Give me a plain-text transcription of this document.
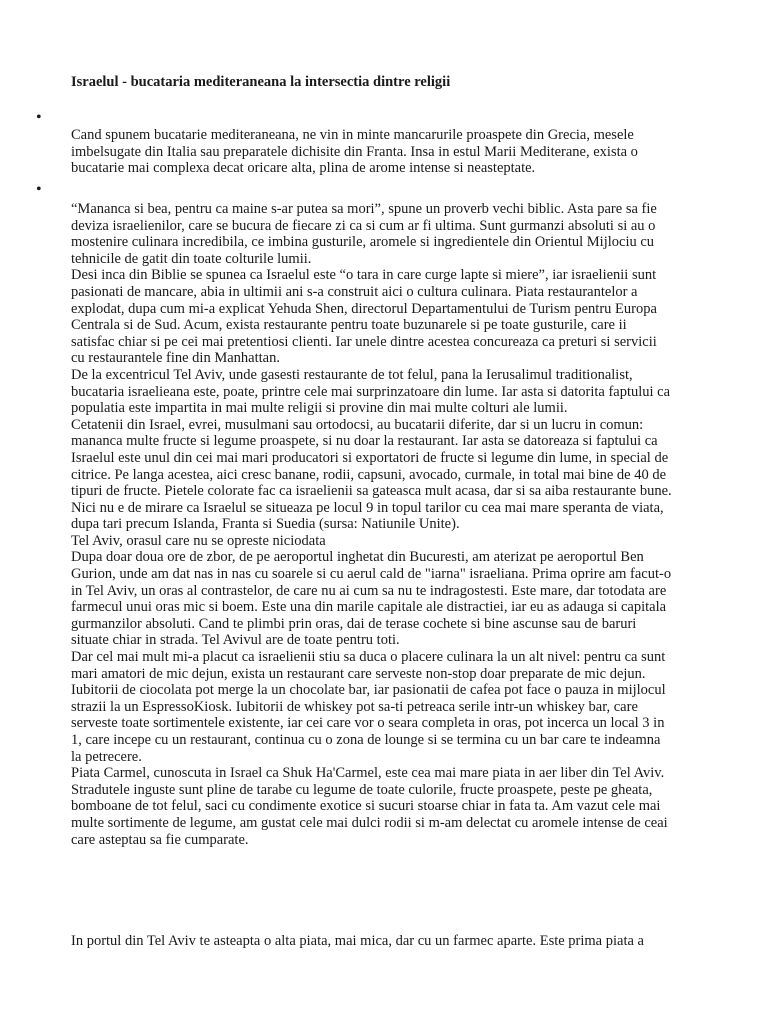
Israelul - bucataria mediteraneana la intersectia dintre religii
•

Cand spunem bucatarie mediteraneana, ne vin in minte mancarurile proaspete din Grecia, mesele

imbelsugate din Italia sau preparatele dichisite din Franta. Insa in estul Marii Mediterane, exista o

bucatarie mai complexa decat oricare alta, plina de arome intense si neasteptate.

•

“Mananca si bea, pentru ca maine s-ar putea sa mori”, spune un proverb vechi biblic. Asta pare sa fie

deviza israelienilor, care se bucura de fiecare zi ca si cum ar fi ultima. Sunt gurmanzi absoluti si au o

mostenire culinara incredibila, ce imbina gusturile, aromele si ingredientele din Orientul Mijlociu cu

tehnicile de gatit din toate colturile lumii.

Desi inca din Biblie se spunea ca Israelul este “o tara in care curge lapte si miere”, iar israelienii sunt

pasionati de mancare, abia in ultimii ani s-a construit aici o cultura culinara. Piata restaurantelor a

explodat, dupa cum mi-a explicat Yehuda Shen, directorul Departamentului de Turism pentru Europa

Centrala si de Sud. Acum, exista restaurante pentru toate buzunarele si pe toate gusturile, care ii

satisfac chiar si pe cei mai pretentiosi clienti. Iar unele dintre acestea concureaza ca preturi si servicii

cu restaurantele fine din Manhattan.

De la excentricul Tel Aviv, unde gasesti restaurante de tot felul, pana la Ierusalimul traditionalist,

bucataria israelieana este, poate, printre cele mai surprinzatoare din lume. Iar asta si datorita faptului ca

populatia este impartita in mai multe religii si provine din mai multe colturi ale lumii.

Cetatenii din Israel, evrei, musulmani sau ortodocsi, au bucatarii diferite, dar si un lucru in comun:

mananca multe fructe si legume proaspete, si nu doar la restaurant. Iar asta se datoreaza si faptului ca

Israelul este unul din cei mai mari producatori si exportatori de fructe si legume din lume, in special de

citrice. Pe langa acestea, aici cresc banane, rodii, capsuni, avocado, curmale, in total mai bine de 40 de

tipuri de fructe. Pietele colorate fac ca israelienii sa gateasca mult acasa, dar si sa aiba restaurante bune.

Nici nu e de mirare ca Israelul se situeaza pe locul 9 in topul tarilor cu cea mai mare speranta de viata,

dupa tari precum Islanda, Franta si Suedia (sursa: Natiunile Unite).

Tel Aviv, orasul care nu se opreste niciodata

Dupa doar doua ore de zbor, de pe aeroportul inghetat din Bucuresti, am aterizat pe aeroportul Ben

Gurion, unde am dat nas in nas cu soarele si cu aerul cald de "iarna" israeliana. Prima oprire am facut-o

in Tel Aviv, un oras al contrastelor, de care nu ai cum sa nu te indragostesti. Este mare, dar totodata are

farmecul unui oras mic si boem. Este una din marile capitale ale distractiei, iar eu as adauga si capitala

gurmanzilor absoluti. Cand te plimbi prin oras, dai de terase cochete si bine ascunse sau de baruri

situate chiar in strada. Tel Avivul are de toate pentru toti.

Dar cel mai mult mi-a placut ca israelienii stiu sa duca o placere culinara la un alt nivel: pentru ca sunt

mari amatori de mic dejun, exista un restaurant care serveste non-stop doar preparate de mic dejun.

Iubitorii de ciocolata pot merge la un chocolate bar, iar pasionatii de cafea pot face o pauza in mijlocul

strazii la un EspressoKiosk. Iubitorii de whiskey pot sa-ti petreaca serile intr-un whiskey bar, care

serveste toate sortimentele existente, iar cei care vor o seara completa in oras, pot incerca un local 3 in

1, care incepe cu un restaurant, continua cu o zona de lounge si se termina cu un bar care te indeamna

la petrecere.

Piata Carmel, cunoscuta in Israel ca Shuk Ha'Carmel, este cea mai mare piata in aer liber din Tel Aviv.

Stradutele inguste sunt pline de tarabe cu legume de toate culorile, fructe proaspete, peste pe gheata,

bomboane de tot felul, saci cu condimente exotice si sucuri stoarse chiar in fata ta. Am vazut cele mai

multe sortimente de legume, am gustat cele mai dulci rodii si m-am delectat cu aromele intense de ceai

care asteptau sa fie cumparate.

In portul din Tel Aviv te asteapta o alta piata, mai mica, dar cu un farmec aparte. Este prima piata a
